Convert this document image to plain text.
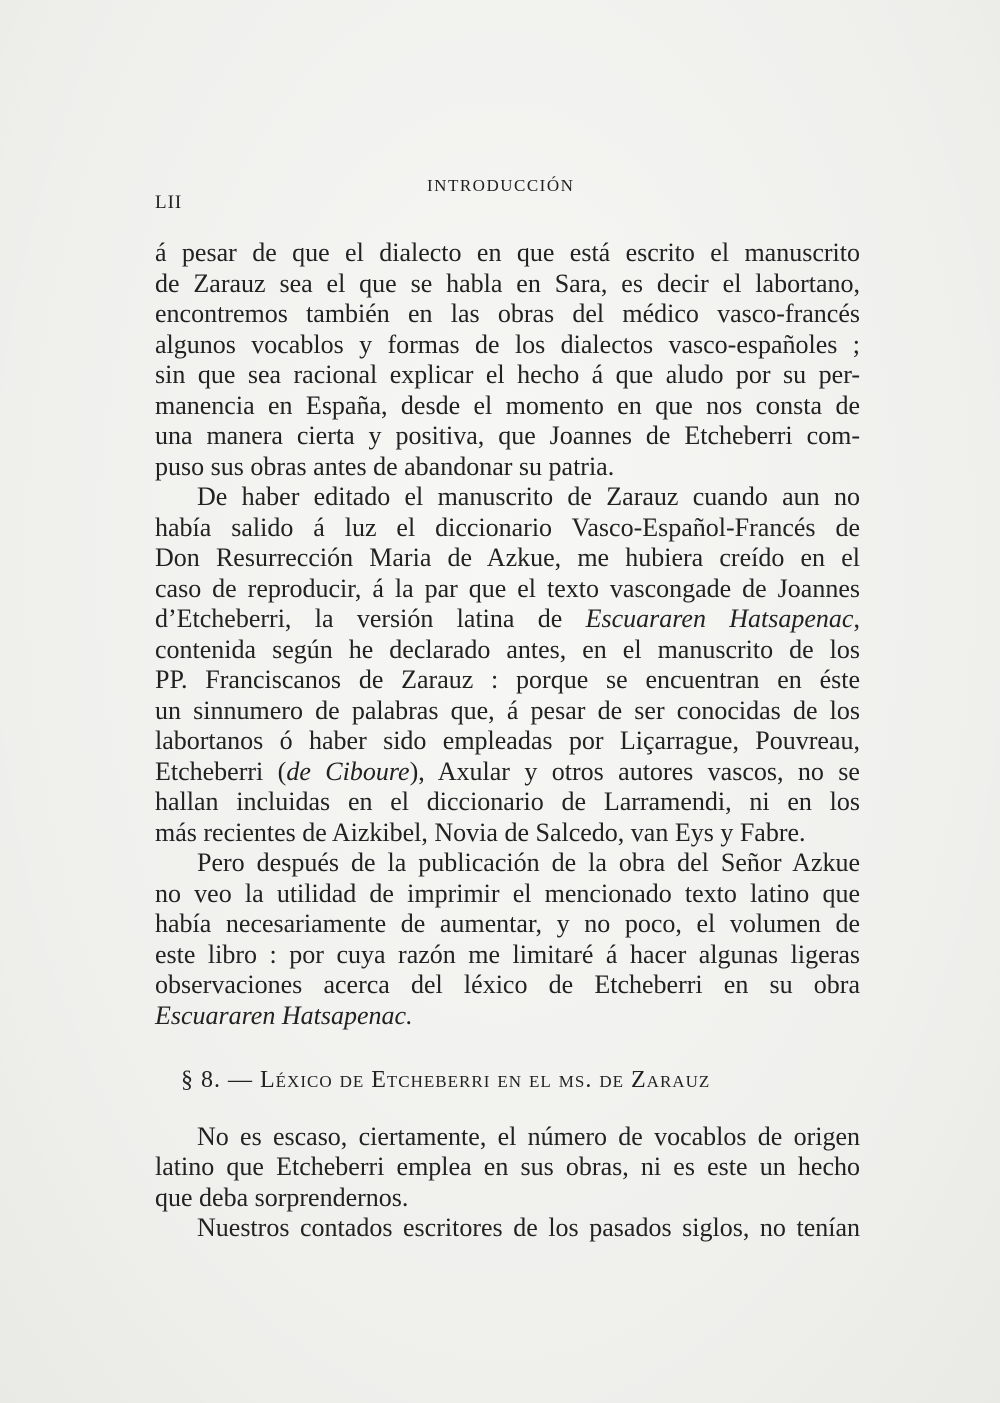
LII
INTRODUCCIÓN

á pesar de que el dialecto en que está escrito el manuscrito
de Zarauz sea el que se habla en Sara, es decir el labortano,
encontremos también en las obras del médico vasco-francés
algunos vocablos y formas de los dialectos vasco-españoles ;
sin que sea racional explicar el hecho á que aludo por su per-
manencia en España, desde el momento en que nos consta de
una manera cierta y positiva, que Joannes de Etcheberri com-
puso sus obras antes de abandonar su patria.

De haber editado el manuscrito de Zarauz cuando aun no
había salido á luz el diccionario Vasco-Español-Francés de
Don Resurrección Maria de Azkue, me hubiera creído en el
caso de reproducir, á la par que el texto vascongade de Joannes
d’Etcheberri, la versión latina de Escuararen Hatsapenac,
contenida según he declarado antes, en el manuscrito de los
PP. Franciscanos de Zarauz : porque se encuentran en éste
un sinnumero de palabras que, á pesar de ser conocidas de los
labortanos ó haber sido empleadas por Liçarrague, Pouvreau,
Etcheberri (de Ciboure), Axular y otros autores vascos, no se
hallan incluidas en el diccionario de Larramendi, ni en los
más recientes de Aizkibel, Novia de Salcedo, van Eys y Fabre.

Pero después de la publicación de la obra del Señor Azkue
no veo la utilidad de imprimir el mencionado texto latino que
había necesariamente de aumentar, y no poco, el volumen de
este libro : por cuya razón me limitaré á hacer algunas ligeras
observaciones acerca del léxico de Etcheberri en su obra
Escuararen Hatsapenac.

§ 8. — Léxico de Etcheberri en el ms. de Zarauz

No es escaso, ciertamente, el número de vocablos de origen
latino que Etcheberri emplea en sus obras, ni es este un hecho
que deba sorprendernos.

Nuestros contados escritores de los pasados siglos, no tenían
